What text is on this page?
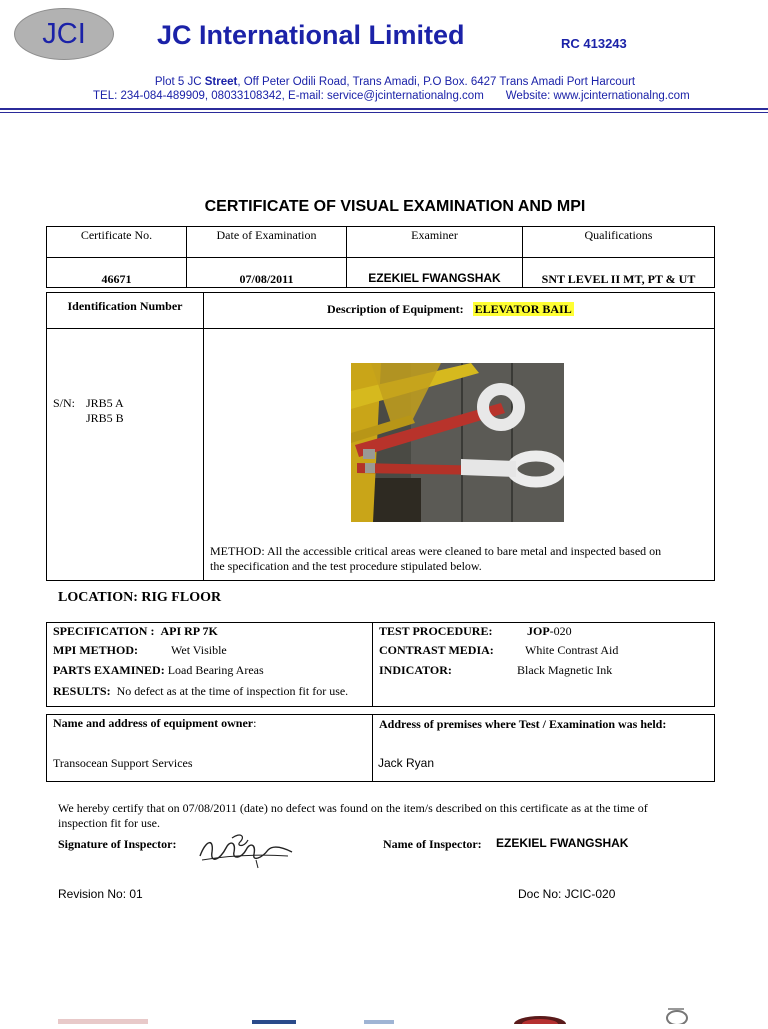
JCI	JC International Limited	RC 413243
Plot 5 JC Street, Off Peter Odili Road, Trans Amadi, P.O Box. 6427 Trans Amadi Port Harcourt
TEL: 234-084-489909, 08033108342, E-mail: service@jcinternationalng.com Website: www.jcinternationalng.com
CERTIFICATE OF VISUAL EXAMINATION AND MPI
Certificate No.	Date of Examination	Examiner	Qualifications
46671	07/08/2011	EZEKIEL FWANGSHAK	SNT LEVEL II MT, PT & UT
Identification Number	Description of Equipment: ELEVATOR BAIL
S/N: JRB5 A
JRB5 B
METHOD: All the accessible critical areas were cleaned to bare metal and inspected based on
the specification and the test procedure stipulated below.
LOCATION: RIG FLOOR
SPECIFICATION : API RP 7K
MPI METHOD:	Wet Visible
PARTS EXAMINED: Load Bearing Areas
RESULTS: No defect as at the time of inspection fit for use.
TEST PROCEDURE:	JOP-020
CONTRAST MEDIA:	White Contrast Aid
INDICATOR:	Black Magnetic Ink
Name and address of equipment owner:
Transocean Support Services
Address of premises where Test / Examination was held:
Jack Ryan
We hereby certify that on 07/08/2011 (date) no defect was found on the item/s described on this certificate as at the time of
inspection fit for use.
Signature of Inspector:	Name of Inspector: EZEKIEL FWANGSHAK
Revision No: 01	Doc No: JCIC-020
